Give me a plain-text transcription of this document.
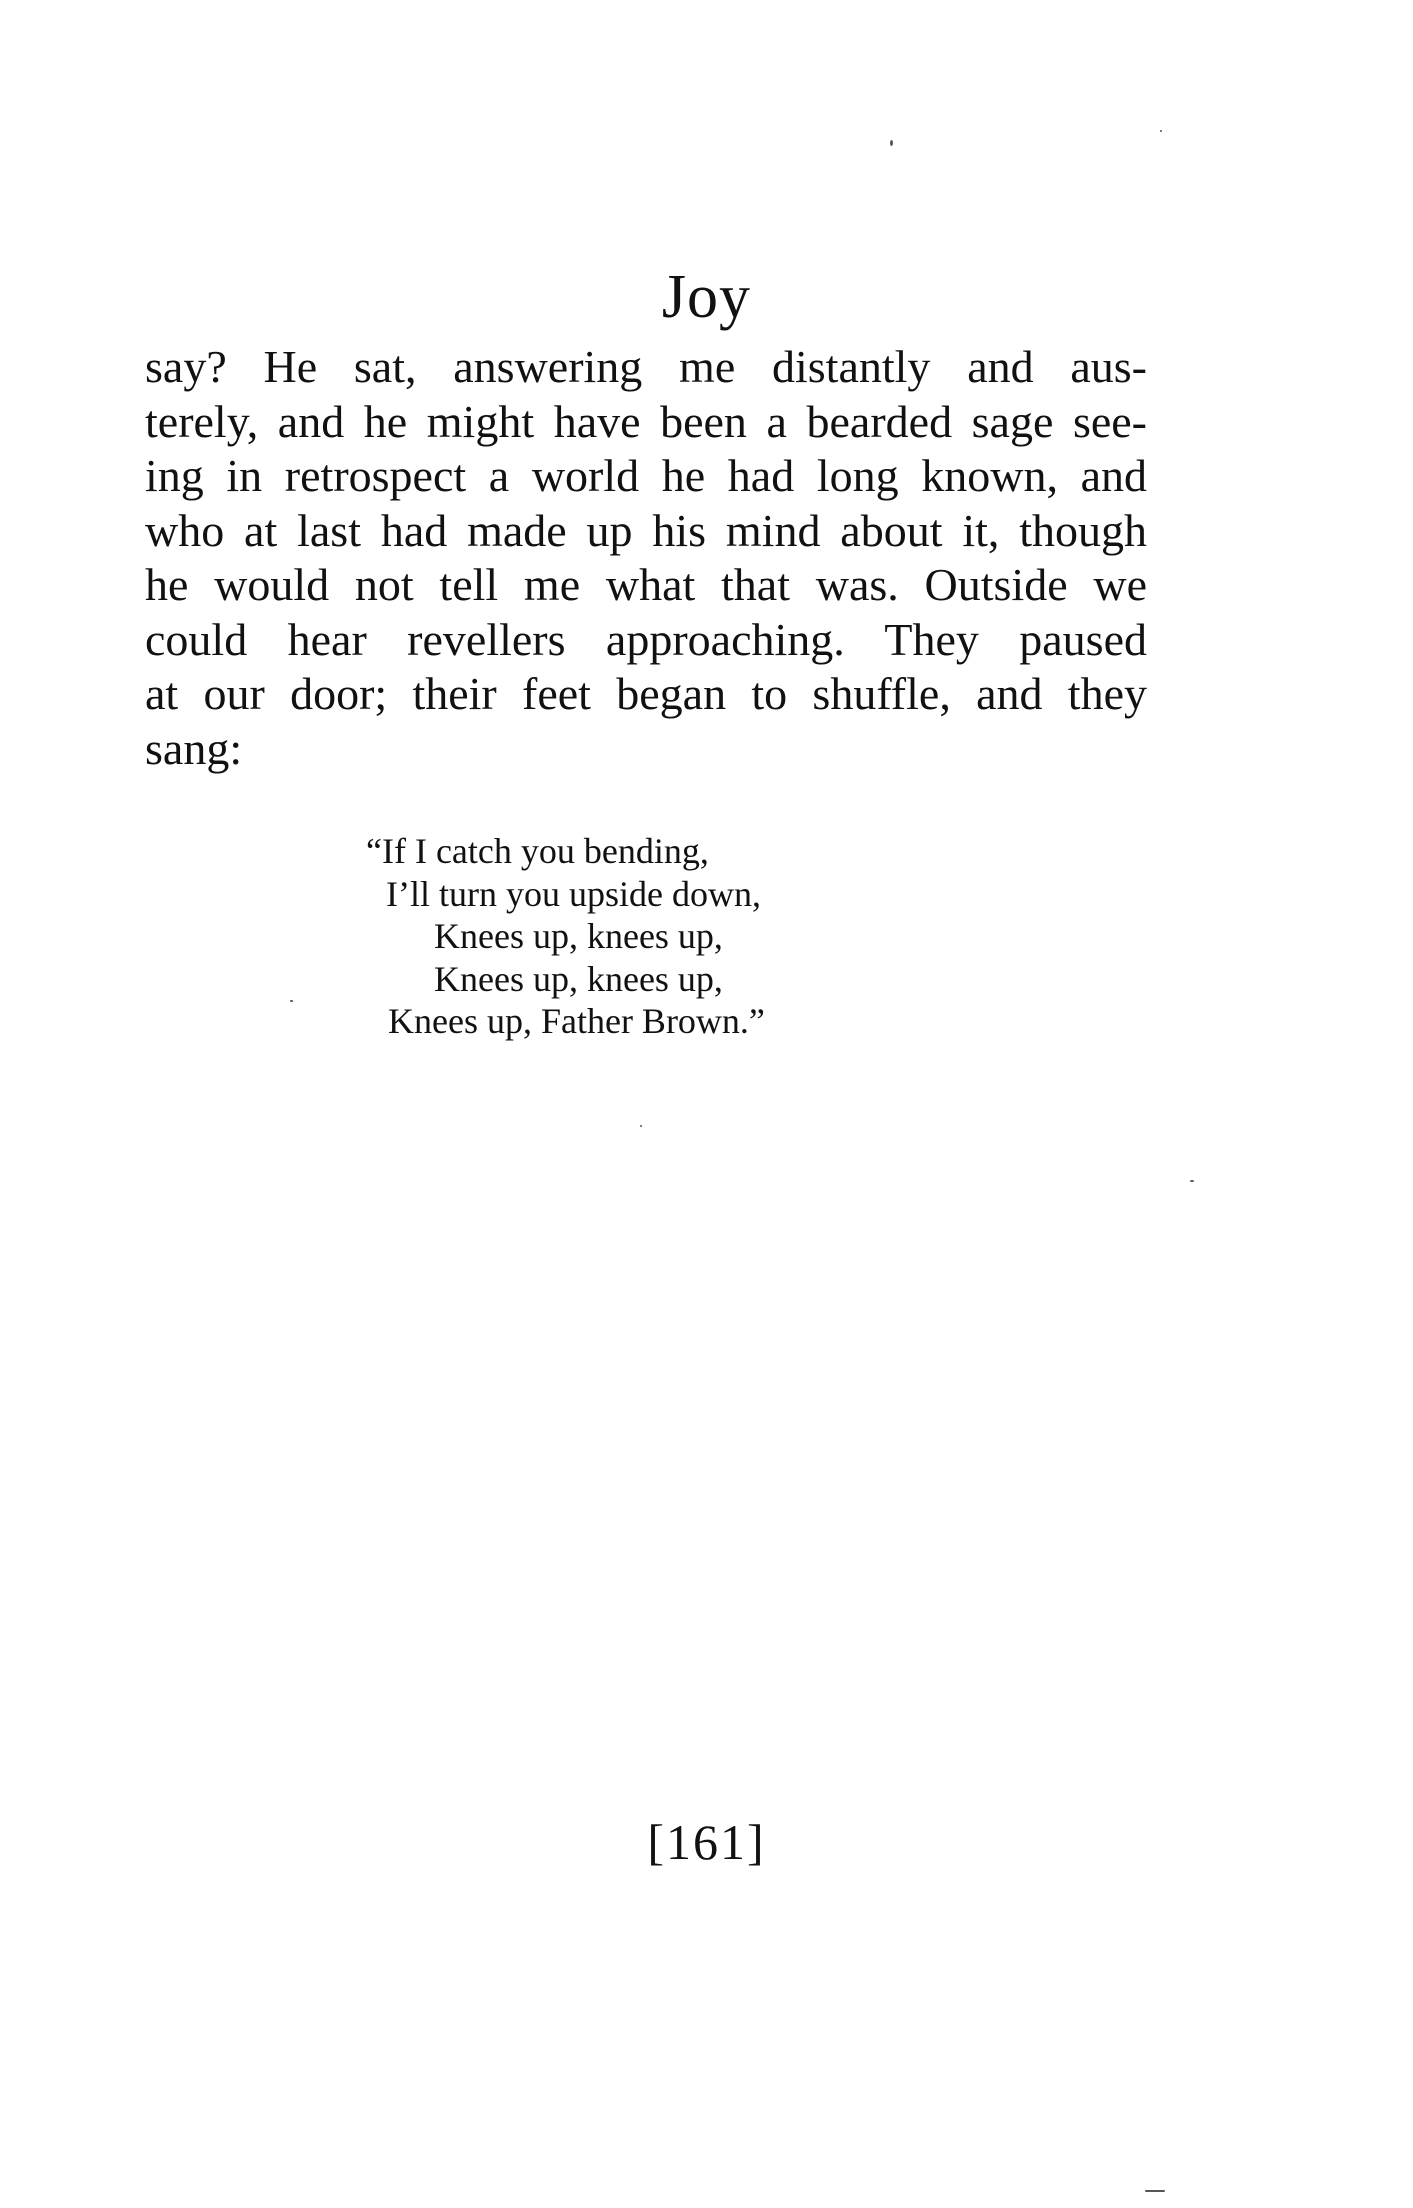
Joy
say? He sat, answering me distantly and aus-
terely, and he might have been a bearded sage see-
ing in retrospect a world he had long known, and
who at last had made up his mind about it, though
he would not tell me what that was. Outside we
could hear revellers approaching. They paused
at our door; their feet began to shuffle, and they
sang:
“If I catch you bending,
I’ll turn you upside down,
Knees up, knees up,
Knees up, knees up,
Knees up, Father Brown.”
[161]
